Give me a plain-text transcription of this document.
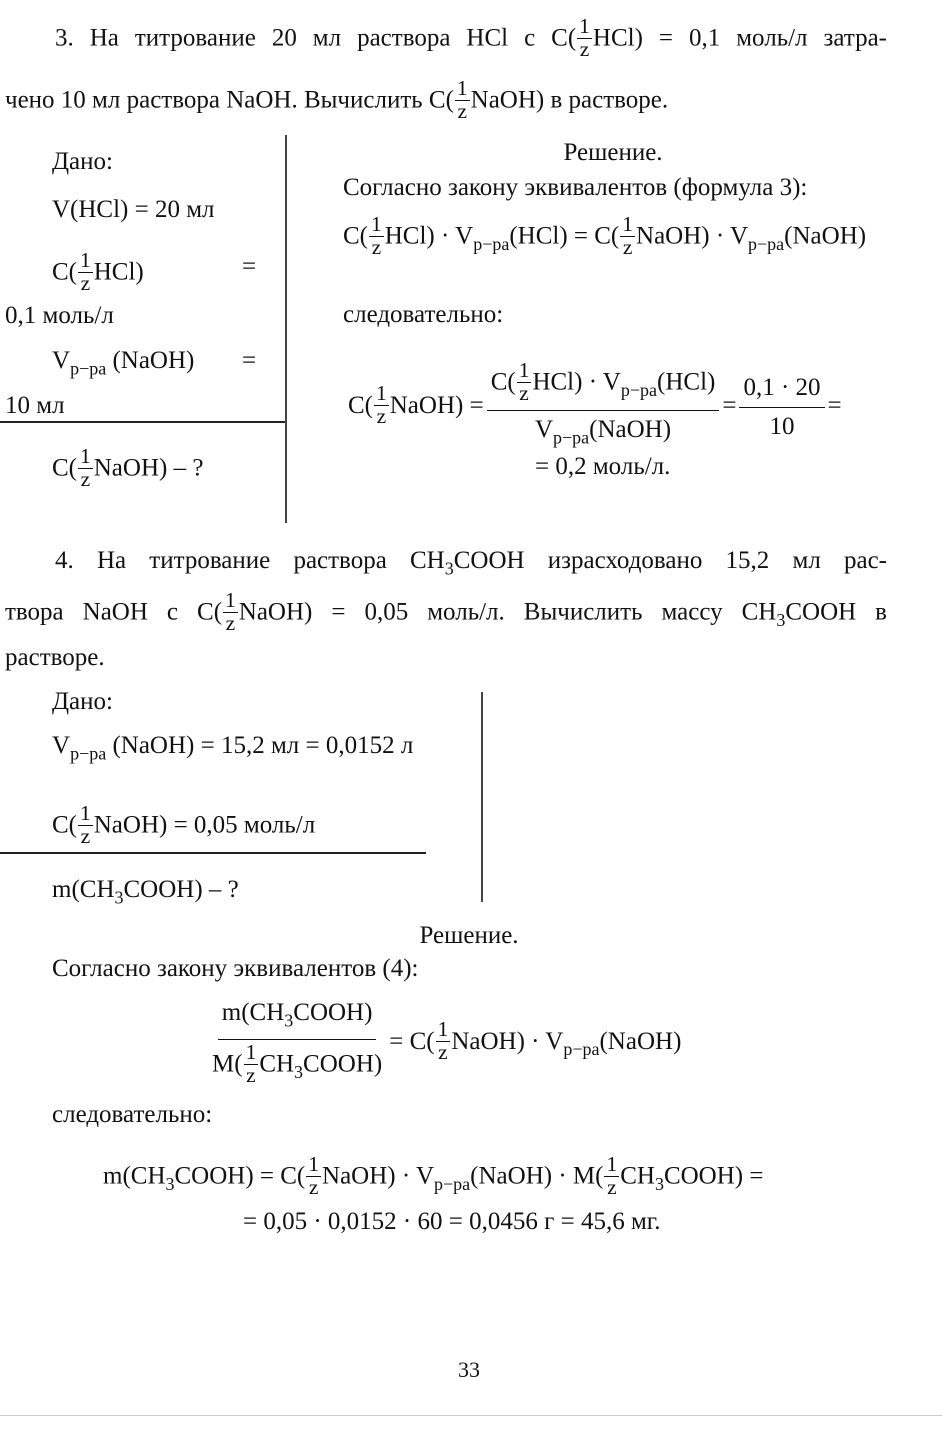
3. На титрование 20 мл раствора HCl с $C( \frac{1}{z} HCl) = 0,1$ моль/л затра-
чено 10 мл раствора NaOH. Вычислить $C( \frac{1}{z}$ NaOH) в растворе.
Дано:
V(HCl) = 20 мл
$C( \frac{1}{z} HCl)$	=
0,1 моль/л
$V_{p-pa}$ (NaOH) =
10 мл
$C( \frac{1}{z}$ NaOH) – ?
Решение.
Согласно закону эквивалентов (формула 3):
$C( \frac{1}{z} HCl) \cdot V_{p-pa}(HCl) = C( \frac{1}{z}$ NaOH) · $V_{p-pa}(NaOH)$
следовательно:
$C( \frac{1}{z}$ NaOH) =
$C( \frac{1}{z} HCl) \cdot V_{p-pa}(HCl)$
$V_{p-pa}(NaOH)$
= $\frac{0,1 \cdot 20}{10}$ =
= 0,2 моль/л.
4. На титрование раствора $CH_3COOH$ израсходовано 15,2 мл рас-
твора NaOH с $C( \frac{1}{z}$ NaOH) = 0,05 моль/л. Вычислить массу $CH_3COOH$ в
растворе.
Дано:
$V_{p-pa}$ (NaOH) = 15,2 мл = 0,0152 л
$C( \frac{1}{z}$ NaOH) = 0,05 моль/л
$m(CH_3COOH)$ – ?
Решение.
Согласно закону эквивалентов (4):
$m(CH_3COOH)$
$M( \frac{1}{z}$ $CH_3COOH$)
= $C( \frac{1}{z}$ NaOH) · $V_{p-pa}(NaOH)$
следовательно:
$m(CH_3COOH) = C( \frac{1}{z}$ NaOH) · $V_{p-pa}(NaOH) \cdot M( \frac{1}{z}$ $CH_3COOH$) =
= 0,05 · 0,0152 · 60 = 0,0456 г = 45,6 мг.
33
